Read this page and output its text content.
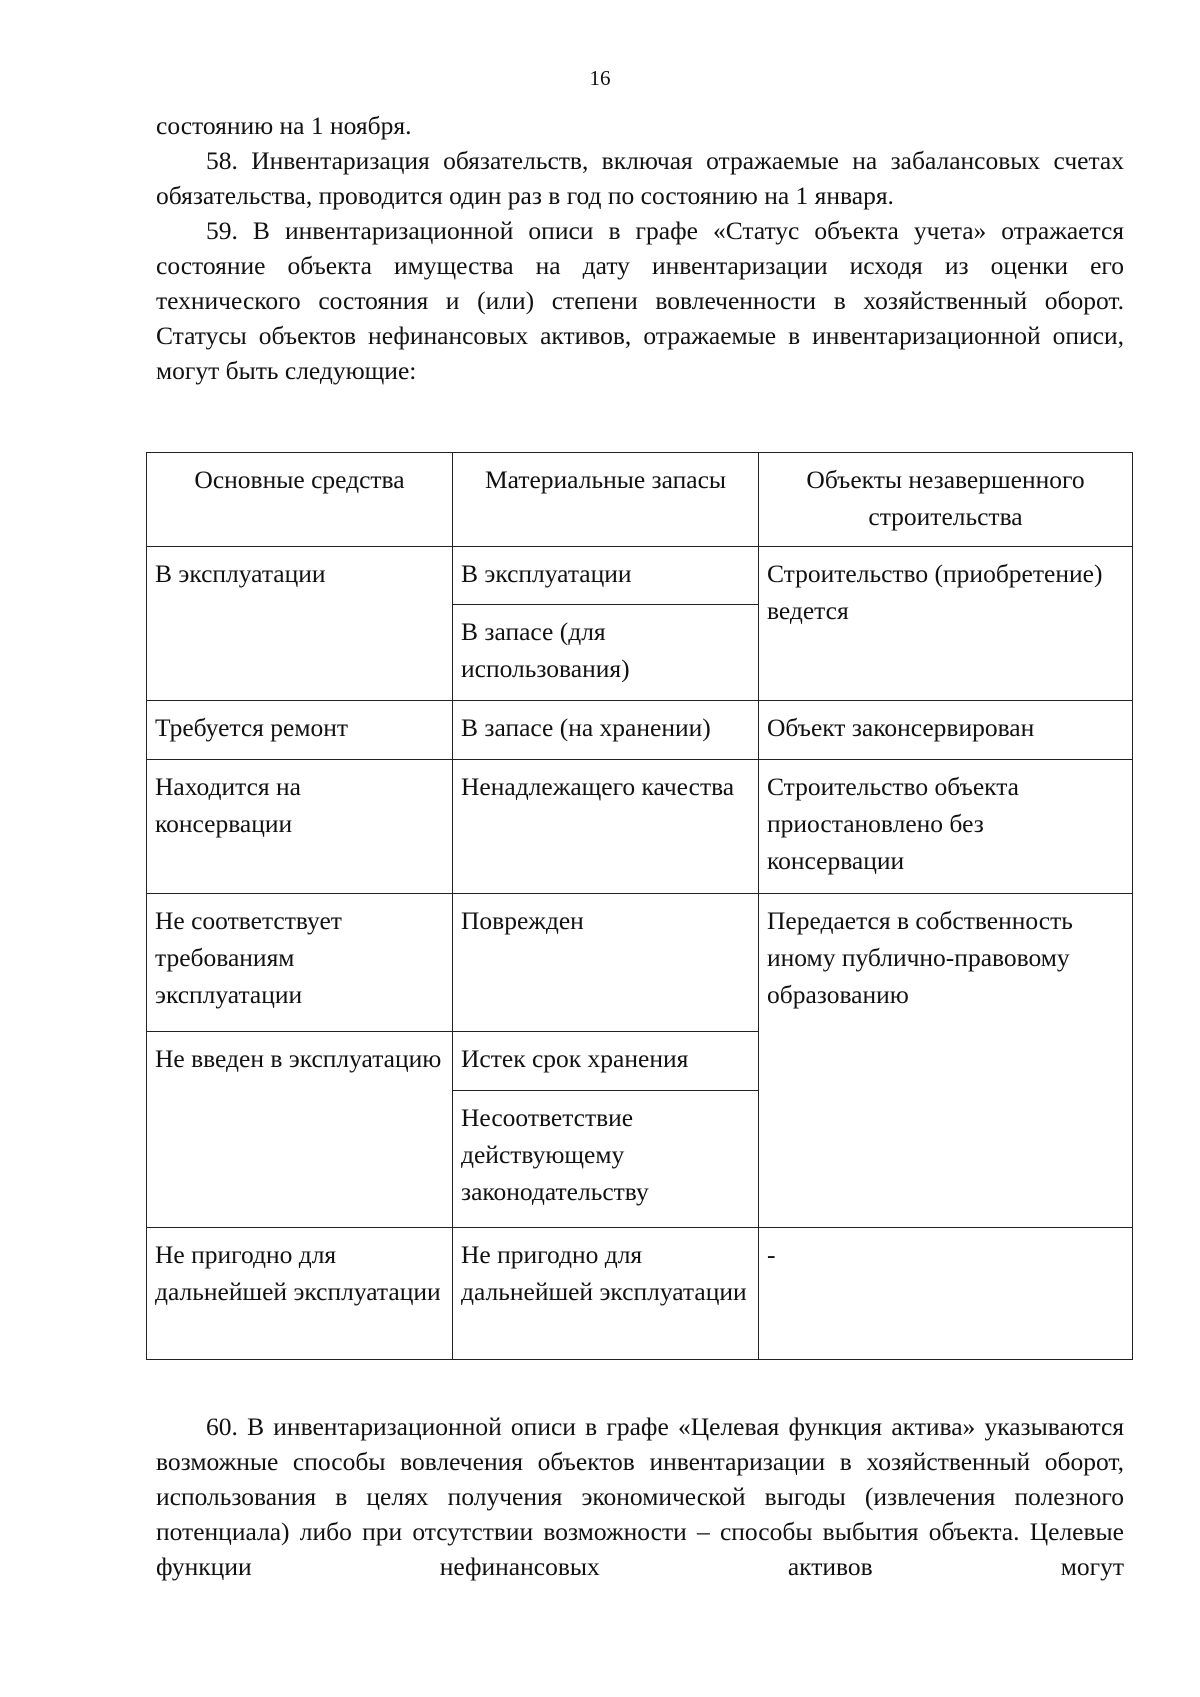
16

состоянию на 1 ноября.

58. Инвентаризация обязательств, включая отражаемые на забалансовых счетах обязательства, проводится один раз в год по состоянию на 1 января.

59. В инвентаризационной описи в графе «Статус объекта учета» отражается состояние объекта имущества на дату инвентаризации исходя из оценки его технического состояния и (или) степени вовлеченности в хозяйственный оборот. Статусы объектов нефинансовых активов, отражаемые в инвентаризационной описи, могут быть следующие:

Основные средства	Материальные запасы	Объекты незавершенного строительства
В эксплуатации	В эксплуатации	Строительство (приобретение) ведется
	В запасе (для использования)	
Требуется ремонт	В запасе (на хранении)	Объект законсервирован
Находится на консервации	Ненадлежащего качества	Строительство объекта приостановлено без консервации
Не соответствует требованиям эксплуатации	Поврежден	Передается в собственность иному публично-правовому образованию
Не введен в эксплуатацию	Истек срок хранения	
	Несоответствие действующему законодательству	
Не пригодно для дальнейшей эксплуатации	Не пригодно для дальнейшей эксплуатации	-

60. В инвентаризационной описи в графе «Целевая функция актива» указываются возможные способы вовлечения объектов инвентаризации в хозяйственный оборот, использования в целях получения экономической выгоды (извлечения полезного потенциала) либо при отсутствии возможности – способы выбытия объекта. Целевые функции нефинансовых активов могут
